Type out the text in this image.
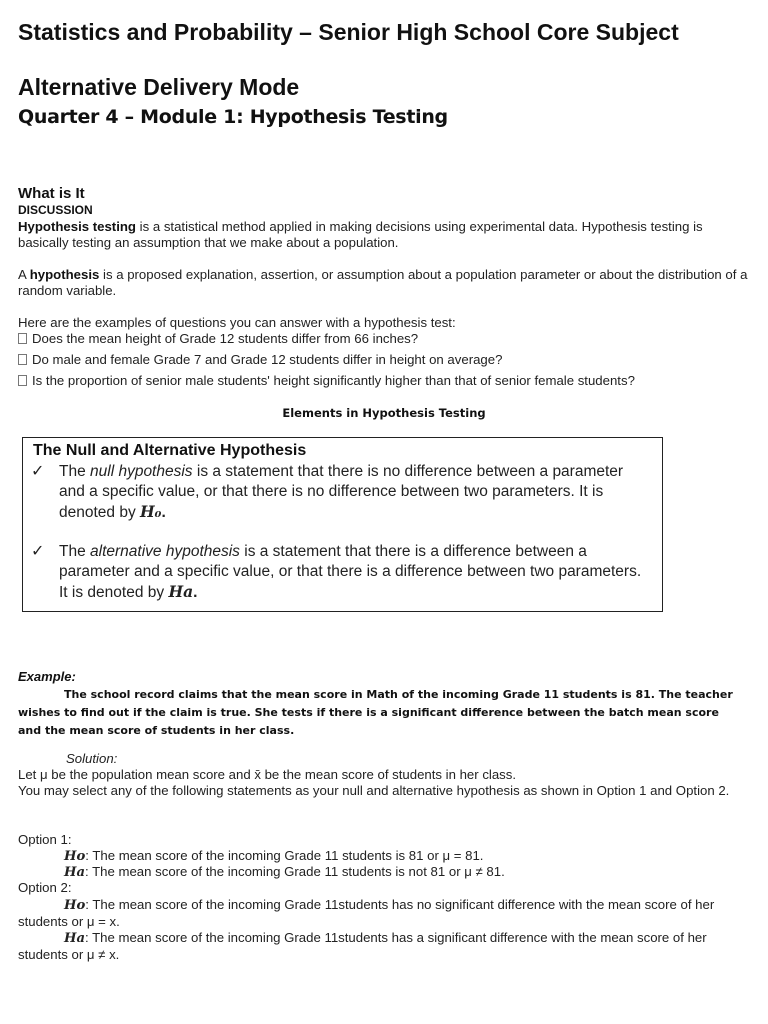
Statistics and Probability – Senior High School Core Subject
Alternative Delivery Mode
Quarter 4 – Module 1: Hypothesis Testing
What is It

DISCUSSION

Hypothesis testing is a statistical method applied in making decisions using experimental data. Hypothesis testing is basically testing an assumption that we make about a population.

A hypothesis is a proposed explanation, assertion, or assumption about a population parameter or about the distribution of a random variable.

Here are the examples of questions you can answer with a hypothesis test:

Does the mean height of Grade 12 students differ from 66 inches?

Do male and female Grade 7 and Grade 12 students differ in height on average?

Is the proportion of senior male students' height significantly higher than that of senior female students?

Elements in Hypothesis Testing

The Null and Alternative Hypothesis

✓ The null hypothesis is a statement that there is no difference between a parameter and a specific value, or that there is no difference between two parameters. It is denoted by H₀.
✓ The alternative hypothesis is a statement that there is a difference between a parameter and a specific value, or that there is a difference between two parameters. It is denoted by Ha.

Example:

The school record claims that the mean score in Math of the incoming Grade 11 students is 81. The teacher wishes to find out if the claim is true. She tests if there is a significant difference between the batch mean score and the mean score of students in her class.

Solution:

Let μ be the population mean score and x̄ be the mean score of students in her class.

You may select any of the following statements as your null and alternative hypothesis as shown in Option 1 and Option 2.

Option 1:

Ho: The mean score of the incoming Grade 11 students is 81 or μ = 81.

Ha: The mean score of the incoming Grade 11 students is not 81 or μ ≠ 81.

Option 2:

Ho: The mean score of the incoming Grade 11students has no significant difference with the mean score of her students or μ = x.

Ha: The mean score of the incoming Grade 11students has a significant difference with the mean score of her students or μ ≠ x.
